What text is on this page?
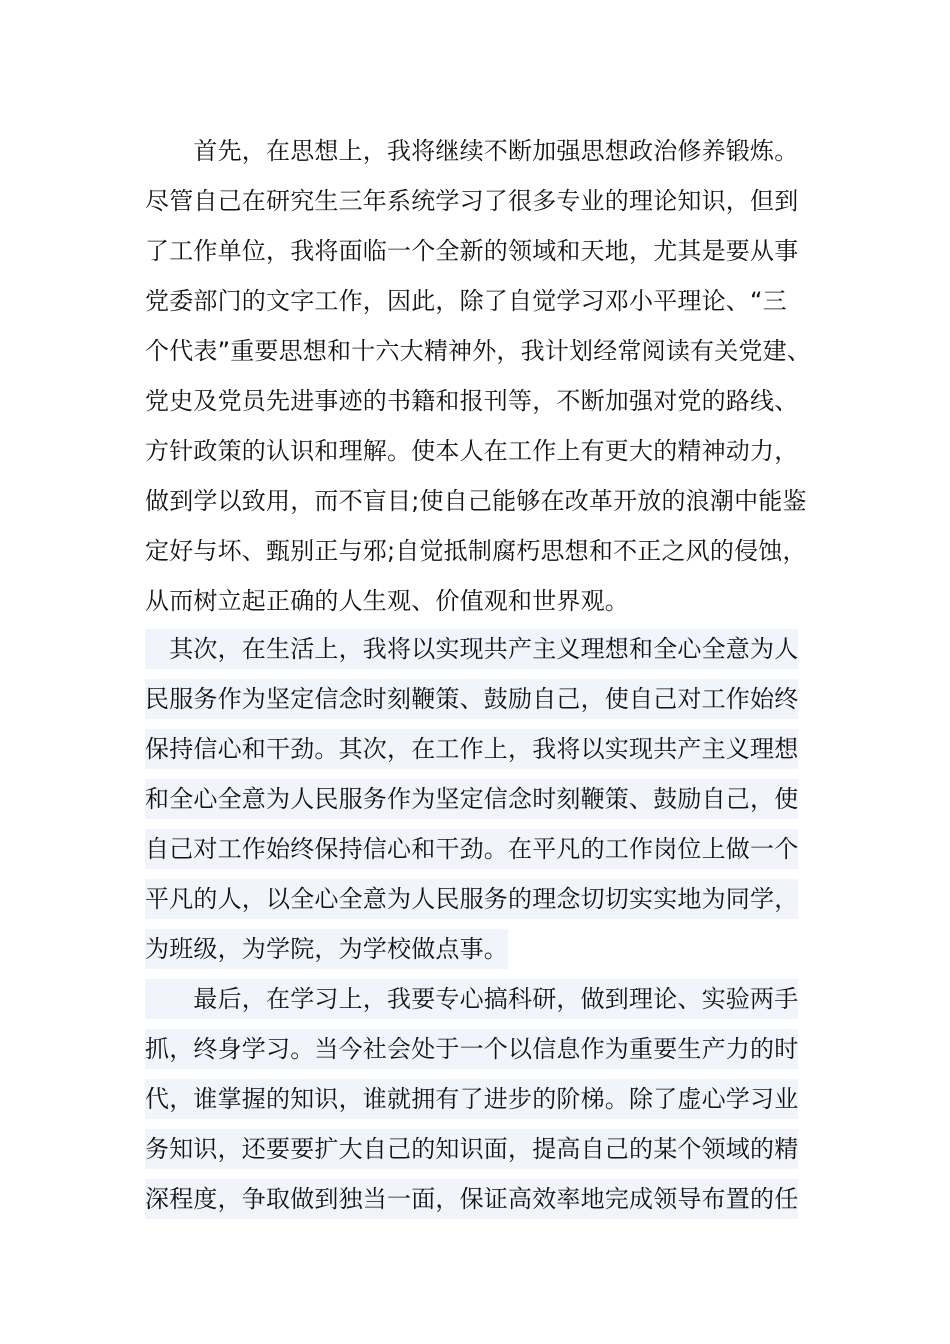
　　首先，在思想上，我将继续不断加强思想政治修养锻炼。
尽管自己在研究生三年系统学习了很多专业的理论知识，但到
了工作单位，我将面临一个全新的领域和天地，尤其是要从事
党委部门的文字工作，因此，除了自觉学习邓小平理论、“三
个代表”重要思想和十六大精神外，我计划经常阅读有关党建、
党史及党员先进事迹的书籍和报刊等，不断加强对党的路线、
方针政策的认识和理解。使本人在工作上有更大的精神动力，
做到学以致用，而不盲目;使自己能够在改革开放的浪潮中能鉴
定好与坏、甄别正与邪;自觉抵制腐朽思想和不正之风的侵蚀，
从而树立起正确的人生观、价值观和世界观。
　其次，在生活上，我将以实现共产主义理想和全心全意为人
民服务作为坚定信念时刻鞭策、鼓励自己，使自己对工作始终
保持信心和干劲。其次，在工作上，我将以实现共产主义理想
和全心全意为人民服务作为坚定信念时刻鞭策、鼓励自己，使
自己对工作始终保持信心和干劲。在平凡的工作岗位上做一个
平凡的人，以全心全意为人民服务的理念切切实实地为同学，
为班级，为学院，为学校做点事。
　　最后，在学习上，我要专心搞科研，做到理论、实验两手
抓，终身学习。当今社会处于一个以信息作为重要生产力的时
代，谁掌握的知识，谁就拥有了进步的阶梯。除了虚心学习业
务知识，还要要扩大自己的知识面，提高自己的某个领域的精
深程度，争取做到独当一面，保证高效率地完成领导布置的任
